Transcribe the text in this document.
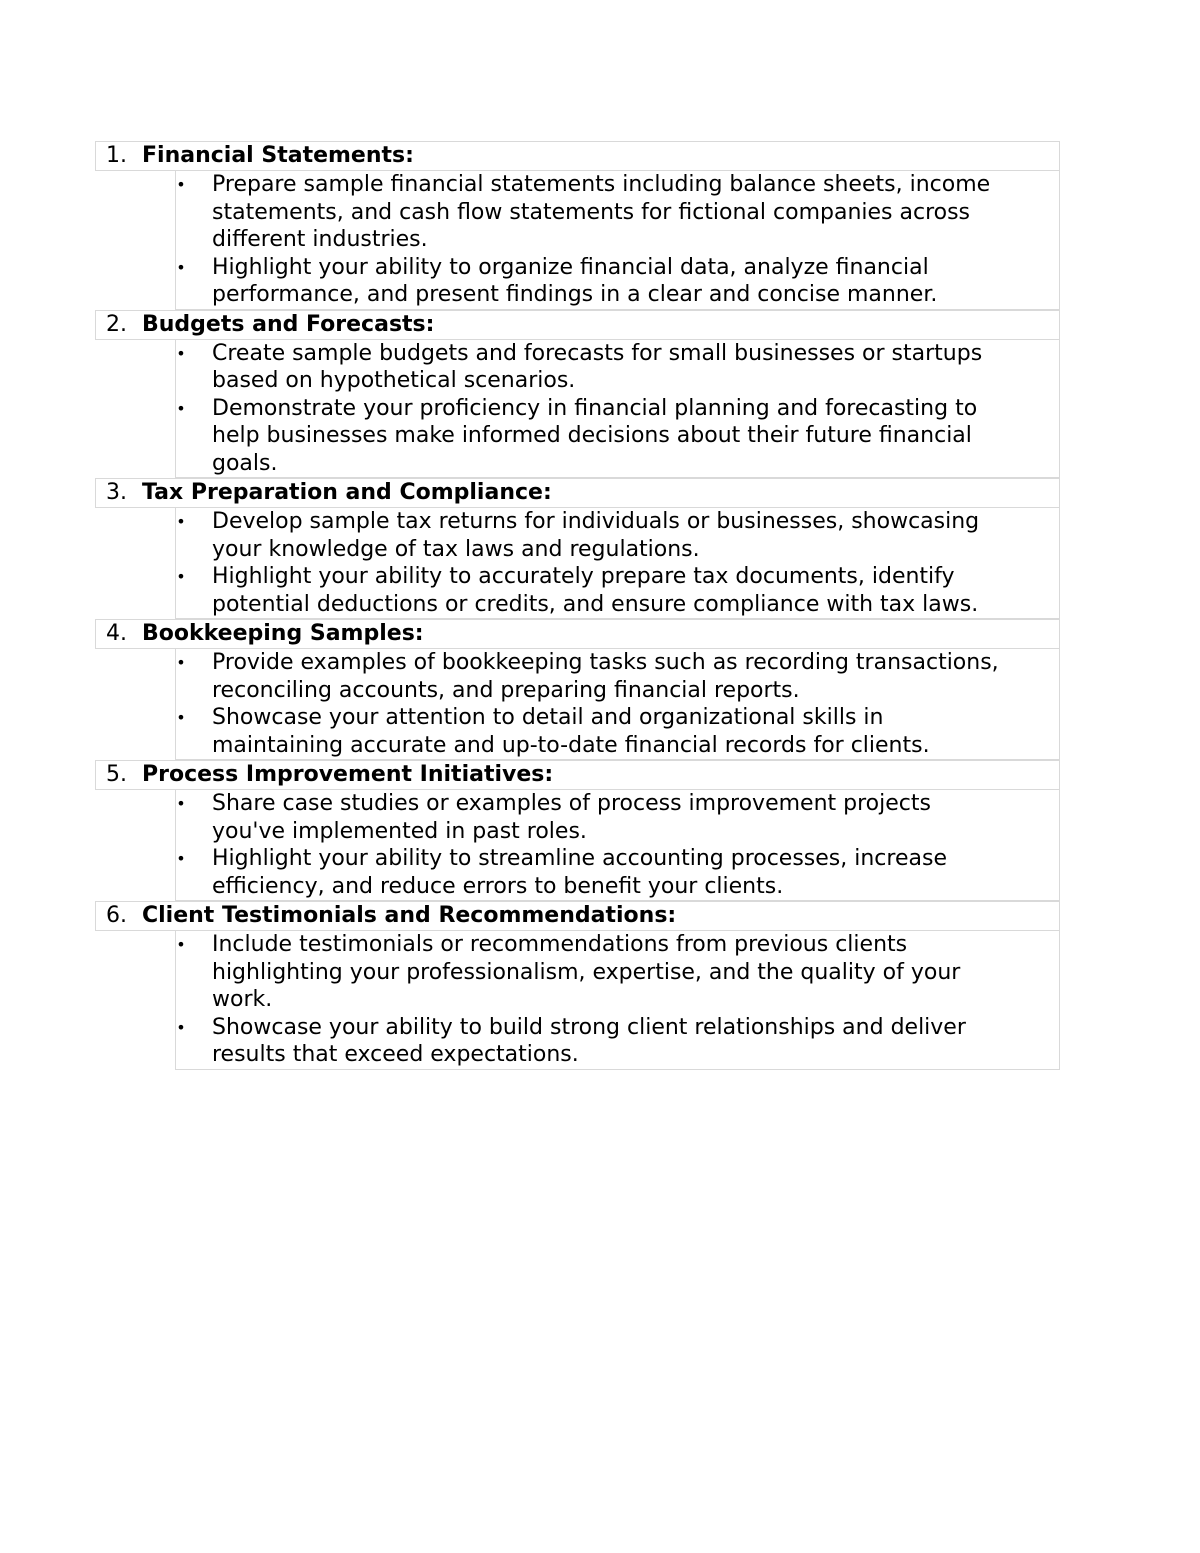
1. Financial Statements:
• Prepare sample financial statements including balance sheets, income
statements, and cash flow statements for fictional companies across
different industries.
• Highlight your ability to organize financial data, analyze financial
performance, and present findings in a clear and concise manner.
2. Budgets and Forecasts:
• Create sample budgets and forecasts for small businesses or startups
based on hypothetical scenarios.
• Demonstrate your proficiency in financial planning and forecasting to
help businesses make informed decisions about their future financial
goals.
3. Tax Preparation and Compliance:
• Develop sample tax returns for individuals or businesses, showcasing
your knowledge of tax laws and regulations.
• Highlight your ability to accurately prepare tax documents, identify
potential deductions or credits, and ensure compliance with tax laws.
4. Bookkeeping Samples:
• Provide examples of bookkeeping tasks such as recording transactions,
reconciling accounts, and preparing financial reports.
• Showcase your attention to detail and organizational skills in
maintaining accurate and up-to-date financial records for clients.
5. Process Improvement Initiatives:
• Share case studies or examples of process improvement projects
you've implemented in past roles.
• Highlight your ability to streamline accounting processes, increase
efficiency, and reduce errors to benefit your clients.
6. Client Testimonials and Recommendations:
• Include testimonials or recommendations from previous clients
highlighting your professionalism, expertise, and the quality of your
work.
• Showcase your ability to build strong client relationships and deliver
results that exceed expectations.
